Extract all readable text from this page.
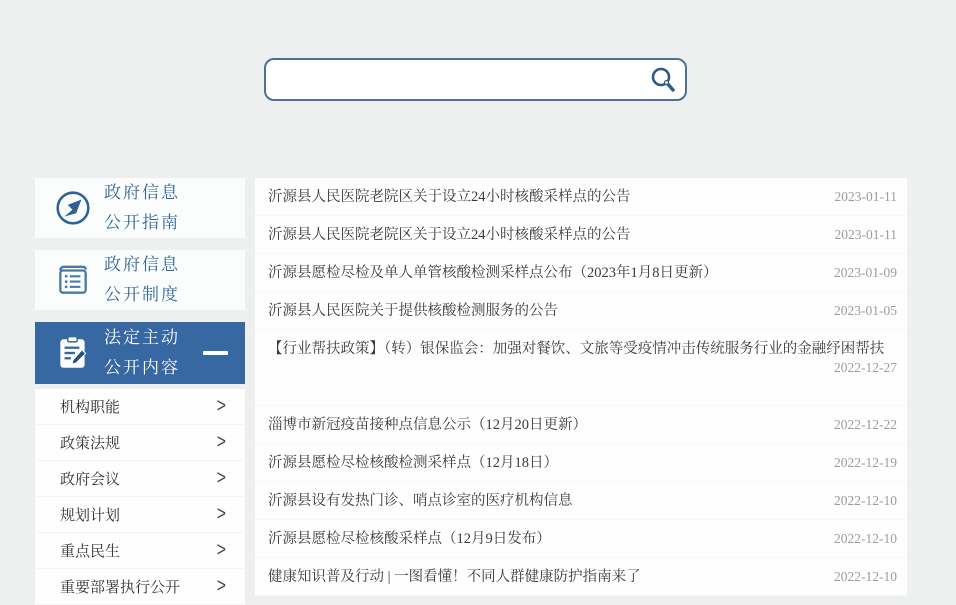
政府信息
公开指南
政府信息
公开制度
法定主动
公开内容
机构职能	>
政策法规	>
政府会议	>
规划计划	>
重点民生	>
重要部署执行公开 >
沂源县人民医院老院区关于设立24小时核酸采样点的公告	2023-01-11
沂源县人民医院老院区关于设立24小时核酸采样点的公告	2023-01-11
沂源县愿检尽检及单人单管核酸检测采样点公布（2023年1月8日更新）	2023-01-09
沂源县人民医院关于提供核酸检测服务的公告	2023-01-05
【行业帮扶政策】（转）银保监会：加强对餐饮、文旅等受疫情冲击传统服务行业的金融纾困帮扶
2022-12-27
淄博市新冠疫苗接种点信息公示（12月20日更新）	2022-12-22
沂源县愿检尽检核酸检测采样点（12月18日）	2022-12-19
沂源县设有发热门诊、哨点诊室的医疗机构信息	2022-12-10
沂源县愿检尽检核酸采样点（12月9日发布）	2022-12-10
健康知识普及行动 | 一图看懂！不同人群健康防护指南来了	2022-12-10
